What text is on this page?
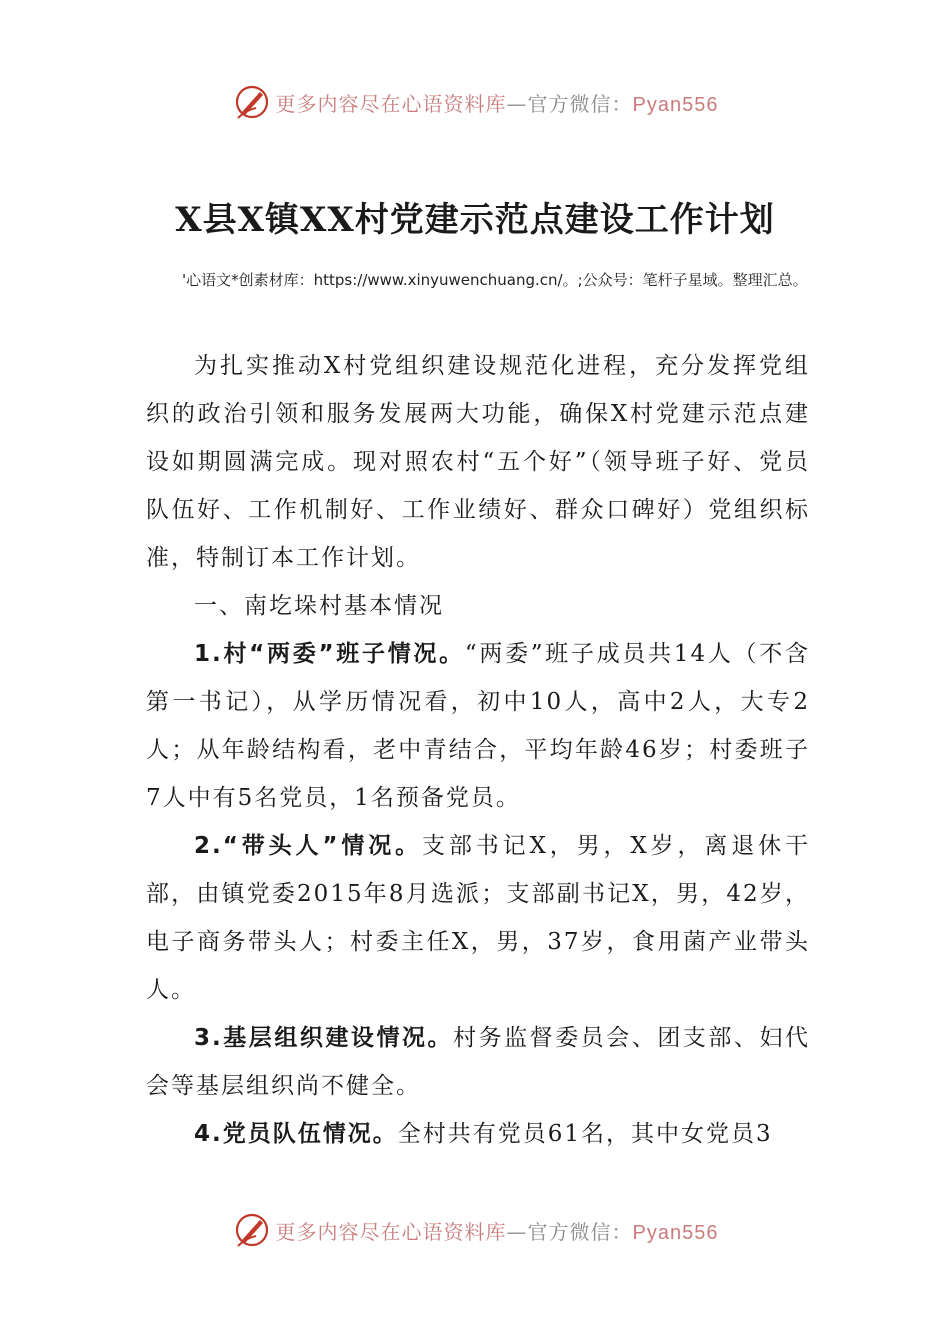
更多内容尽在心语资料库—官方微信：Pyan556
X县X镇XX村党建示范点建设工作计划

'心语文*创素材库：https://www.xinyuwenchuang.cn/。;公众号：笔杆子星域。整理汇总。

为扎实推动X村党组织建设规范化进程，充分发挥党组织的政治引领和服务发展两大功能，确保X村党建示范点建设如期圆满完成。现对照农村“五个好”（领导班子好、党员队伍好、工作机制好、工作业绩好、群众口碑好）党组织标准，特制订本工作计划。

一、南圪垛村基本情况

1.村“两委”班子情况。“两委”班子成员共14人（不含第一书记），从学历情况看，初中10人，高中2人，大专2人；从年龄结构看，老中青结合，平均年龄46岁；村委班子7人中有5名党员，1名预备党员。

2.“带头人”情况。支部书记X，男，X岁，离退休干部，由镇党委2015年8月选派；支部副书记X，男，42岁，电子商务带头人；村委主任X，男，37岁，食用菌产业带头人。

3.基层组织建设情况。村务监督委员会、团支部、妇代会等基层组织尚不健全。

4.党员队伍情况。全村共有党员61名，其中女党员3

更多内容尽在心语资料库—官方微信：Pyan556
